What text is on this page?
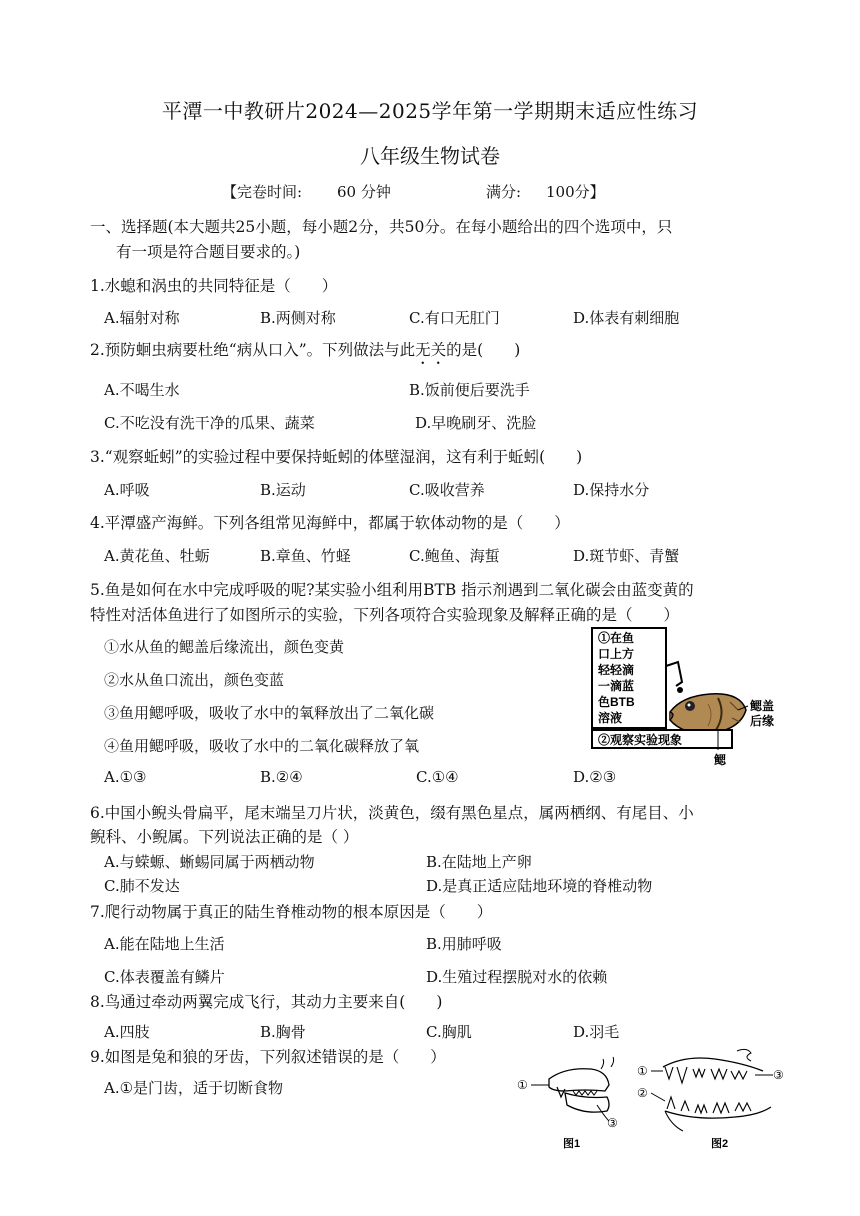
平潭一中教研片2024—2025学年第一学期期末适应性练习
八年级生物试卷
【完卷时间: 60 分钟	满分: 100分】
一、选择题(本大题共25小题，每小题2分，共50分。在每小题给出的四个选项中，只
有一项是符合题目要求的。)
1.水螅和涡虫的共同特征是（　　）
A.辐射对称	B.两侧对称	C.有口无肛门	D.体表有刺细胞
2.预防蛔虫病要杜绝“病从口入”。下列做法与此无关的是(　　)
A.不喝生水	B.饭前便后要洗手
C.不吃没有洗干净的瓜果、蔬菜	D.早晚刷牙、洗脸
3.“观察蚯蚓”的实验过程中要保持蚯蚓的体壁湿润，这有利于蚯蚓(　　)
A.呼吸	B.运动	C.吸收营养	D.保持水分
4.平潭盛产海鲜。下列各组常见海鲜中，都属于软体动物的是（　　）
A.黄花鱼、牡蛎	B.章鱼、竹蛏	C.鲍鱼、海蜇	D.斑节虾、青蟹
5.鱼是如何在水中完成呼吸的呢?某实验小组利用BTB 指示剂遇到二氧化碳会由蓝变黄的
特性对活体鱼进行了如图所示的实验，下列各项符合实验现象及解释正确的是（　　）
①水从鱼的鳃盖后缘流出，颜色变黄
②水从鱼口流出，颜色变蓝
③鱼用鳃呼吸，吸收了水中的氧释放出了二氧化碳
④鱼用鳃呼吸，吸收了水中的二氧化碳释放了氧
A.①③	B.②④	C.①④	D.②③
①在鱼
口上方
轻轻滴
一滴蓝
色BTB
溶液
鳃盖
后缘
②观察实验现象
鳃
6.中国小鲵头骨扁平，尾末端呈刀片状，淡黄色，缀有黑色星点，属两栖纲、有尾目、小
鲵科、小鲵属。下列说法正确的是（ ）
A.与蝾螈、蜥蜴同属于两栖动物	B.在陆地上产卵
C.肺不发达	D.是真正适应陆地环境的脊椎动物
7.爬行动物属于真正的陆生脊椎动物的根本原因是（　　）
A.能在陆地上生活	B.用肺呼吸
C.体表覆盖有鳞片	D.生殖过程摆脱对水的依赖
8.鸟通过牵动两翼完成飞行，其动力主要来自(　　)
A.四肢	B.胸骨	C.胸肌	D.羽毛
9.如图是兔和狼的牙齿，下列叙述错误的是（　　）
A.①是门齿，适于切断食物	①
③
图1
①	③
②
图2
